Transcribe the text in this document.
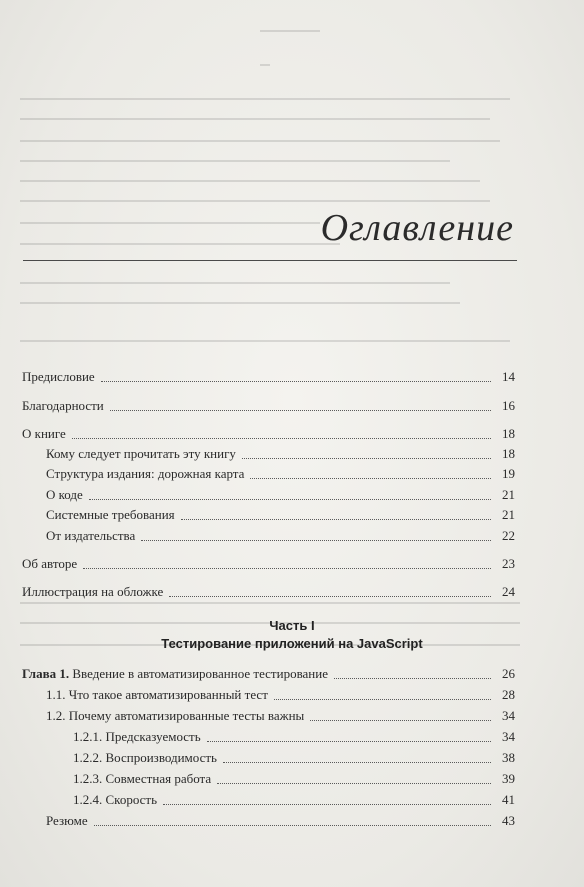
Оглавление
Предисловие	14
Благодарности	16
О книге	18
Кому следует прочитать эту книгу	18
Структура издания: дорожная карта	19
О коде	21
Системные требования	21
От издательства	22
Об авторе	23
Иллюстрация на обложке	24
Часть I
Тестирование приложений на JavaScript
Глава 1. Введение в автоматизированное тестирование	26
1.1. Что такое автоматизированный тест	28
1.2. Почему автоматизированные тесты важны	34
1.2.1. Предсказуемость	34
1.2.2. Воспроизводимость	38
1.2.3. Совместная работа	39
1.2.4. Скорость	41
Резюме	43
